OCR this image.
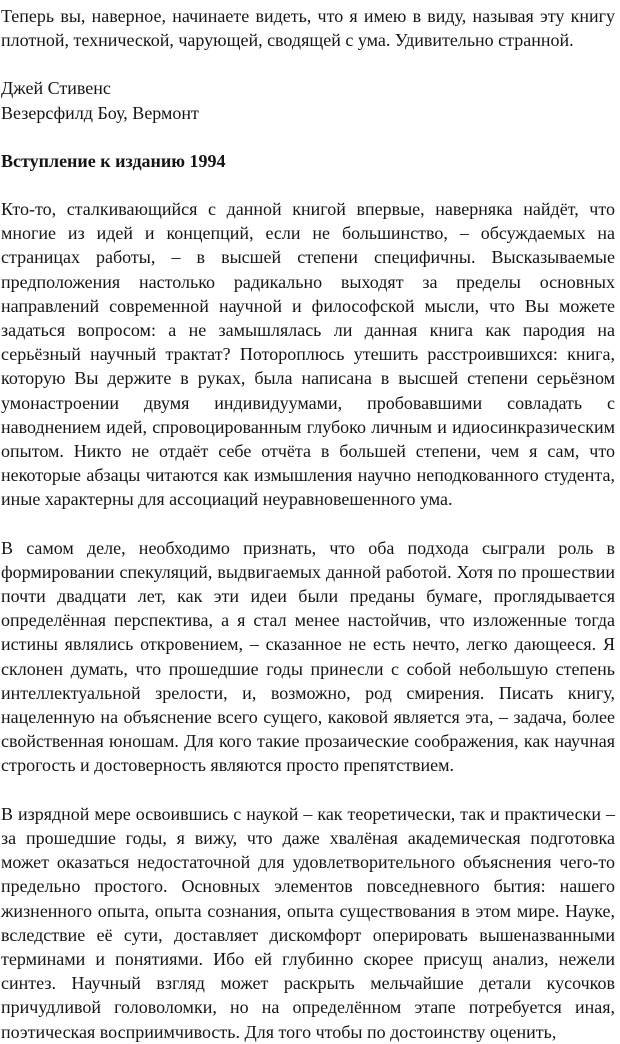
Теперь вы, наверное, начинаете видеть, что я имею в виду, называя эту книгу плотной, технической, чарующей, сводящей с ума. Удивительно странной.

Джей Стивенс
Везерсфилд Боу, Вермонт
Вступление к изданию 1994

Кто-то, сталкивающийся с данной книгой впервые, наверняка найдёт, что многие из идей и концепций, если не большинство, – обсуждаемых на страницах работы, – в высшей степени специфичны. Высказываемые предположения настолько радикально выходят за пределы основных направлений современной научной и философской мысли, что Вы можете задаться вопросом: а не замышлялась ли данная книга как пародия на серьёзный научный трактат? Потороплюсь утешить расстроившихся: книга, которую Вы держите в руках, была написана в высшей степени серьёзном умонастроении двумя индивидуумами, пробовавшими совладать с наводнением идей, спровоцированным глубоко личным и идиосинкразическим опытом. Никто не отдаёт себе отчёта в большей степени, чем я сам, что некоторые абзацы читаются как измышления научно неподкованного студента, иные характерны для ассоциаций неуравновешенного ума.

В самом деле, необходимо признать, что оба подхода сыграли роль в формировании спекуляций, выдвигаемых данной работой. Хотя по прошествии почти двадцати лет, как эти идеи были преданы бумаге, проглядывается определённая перспектива, а я стал менее настойчив, что изложенные тогда истины являлись откровением, – сказанное не есть нечто, легко дающееся. Я склонен думать, что прошедшие годы принесли с собой небольшую степень интеллектуальной зрелости, и, возможно, род смирения. Писать книгу, нацеленную на объяснение всего сущего, каковой является эта, – задача, более свойственная юношам. Для кого такие прозаические соображения, как научная строгость и достоверность являются просто препятствием.

В изрядной мере освоившись с наукой – как теоретически, так и практически – за прошедшие годы, я вижу, что даже хвалёная академическая подготовка может оказаться недостаточной для удовлетворительного объяснения чего-то предельно простого. Основных элементов повседневного бытия: нашего жизненного опыта, опыта сознания, опыта существования в этом мире. Науке, вследствие её сути, доставляет дискомфорт оперировать вышеназванными терминами и понятиями. Ибо ей глубинно скорее присущ анализ, нежели синтез. Научный взгляд может раскрыть мельчайшие детали кусочков причудливой головоломки, но на определённом этапе потребуется иная, поэтическая восприимчивость. Для того чтобы по достоинству оценить,
